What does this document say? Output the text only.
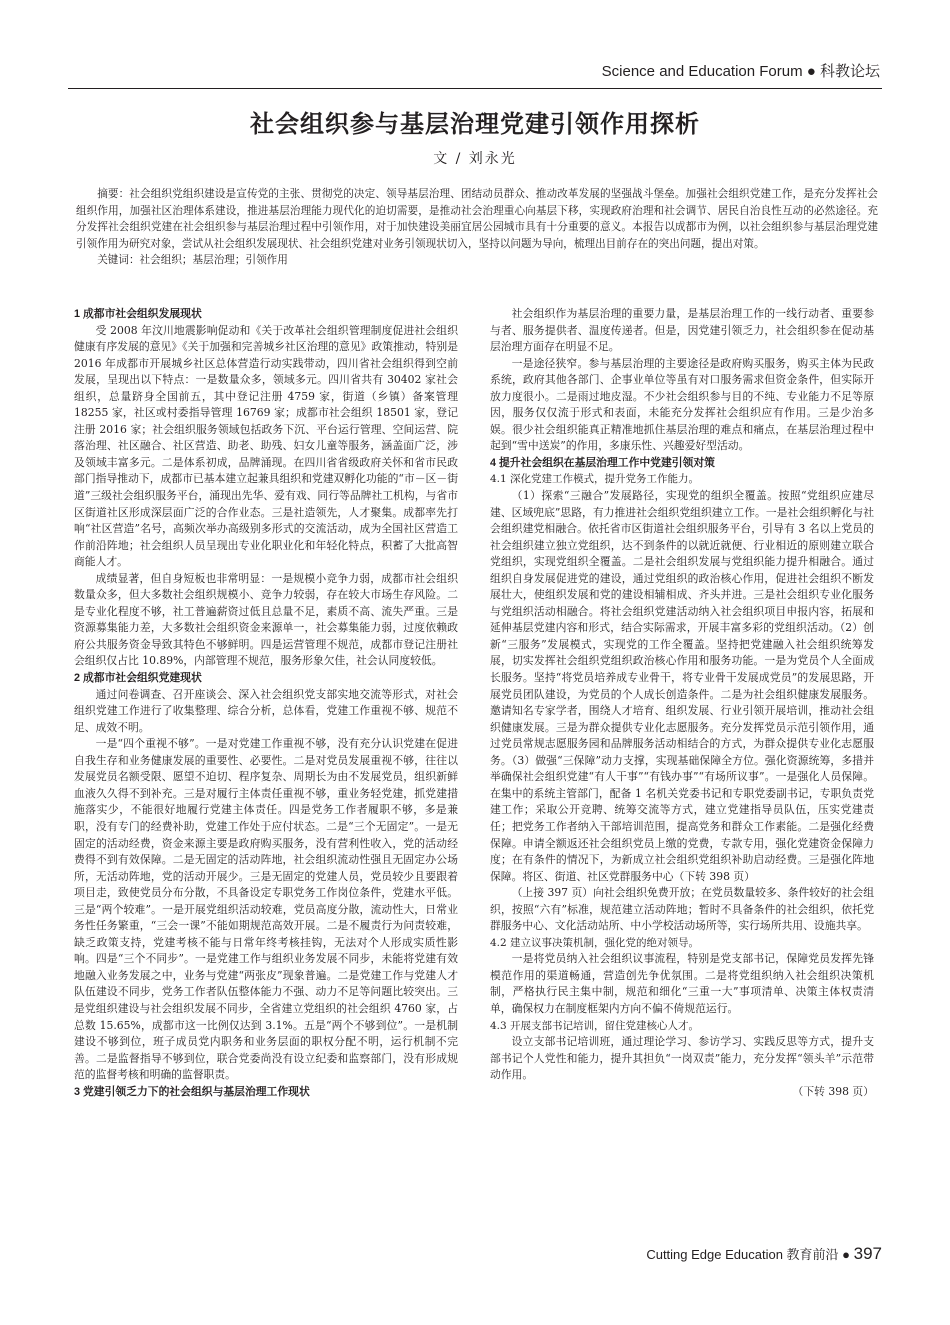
Science and Education Forum ● 科教论坛
社会组织参与基层治理党建引领作用探析
文 / 刘永光

摘要：社会组织党组织建设是宣传党的主张、贯彻党的决定、领导基层治理、团结动员群众、推动改革发展的坚强战斗堡垒。加强社会组织党建工作，是充分发挥社会组织作用，加强社区治理体系建设，推进基层治理能力现代化的迫切需要，是推动社会治理重心向基层下移，实现政府治理和社会调节、居民自治良性互动的必然途径。充分发挥社会组织党建在社会组织参与基层治理过程中引领作用，对于加快建设美丽宜居公园城市具有十分重要的意义。本报告以成都市为例，以社会组织参与基层治理党建引领作用为研究对象，尝试从社会组织发展现状、社会组织党建对业务引领现状切入，坚持以问题为导向，梳理出目前存在的突出问题，提出对策。

关键词：社会组织；基层治理；引领作用

1 成都市社会组织发展现状

受 2008 年汶川地震影响促动和《关于改革社会组织管理制度促进社会组织健康有序发展的意见》《关于加强和完善城乡社区治理的意见》政策推动，特别是 2016 年成都市开展城乡社区总体营造行动实践带动，四川省社会组织得到空前发展，呈现出以下特点：一是数量众多，领域多元。四川省共有 30402 家社会组织，总量跻身全国前五，其中登记注册 4759 家，街道（乡镇）备案管理 18255 家，社区或村委指导管理 16769 家；成都市社会组织 18501 家，登记注册 2016 家；社会组织服务领域包括政务下沉、平台运行管理、空间运营、院落治理、社区融合、社区营造、助老、助残、妇女儿童等服务，涵盖面广泛，涉及领域丰富多元。二是体系初成，品牌涌现。在四川省省级政府关怀和省市民政部门指导推动下，成都市已基本建立起兼具组织和党建双孵化功能的“市－区－街道”三级社会组织服务平台，涌现出先华、爱有戏、同行等品牌社工机构，与省市区街道社区形成深层面广泛的合作业态。三是社造领先，人才聚集。成都率先打响“社区营造”名号，高频次举办高级别多形式的交流活动，成为全国社区营造工作前沿阵地；社会组织人员呈现出专业化职业化和年轻化特点，积蓄了大批高智商能人才。

成绩显著，但自身短板也非常明显：一是规模小竞争力弱，成都市社会组织数量众多，但大多数社会组织规模小、竞争力较弱，存在较大市场生存风险。二是专业化程度不够，社工普遍薪资过低且总量不足，素质不高、流失严重。三是资源募集能力差，大多数社会组织资金来源单一，社会募集能力弱，过度依赖政府公共服务资金导致其特色不够鲜明。四是运营管理不规范，成都市登记注册社会组织仅占比 10.89%，内部管理不规范，服务形象欠佳，社会认同度较低。

2 成都市社会组织党建现状

通过问卷调查、召开座谈会、深入社会组织党支部实地交流等形式，对社会组织党建工作进行了收集整理、综合分析，总体看，党建工作重视不够、规范不足、成效不明。

一是“四个重视不够”。一是对党建工作重视不够，没有充分认识党建在促进自我生存和业务健康发展的重要性、必要性。二是对党员发展重视不够，往往以发展党员名额受限、愿望不迫切、程序复杂、周期长为由不发展党员，组织新鲜血液久久得不到补充。三是对履行主体责任重视不够，重业务轻党建，抓党建措施落实少，不能很好地履行党建主体责任。四是党务工作者履职不够，多是兼职，没有专门的经费补助，党建工作处于应付状态。二是“三个无固定”。一是无固定的活动经费，资金来源主要是政府购买服务，没有营利性收入，党的活动经费得不到有效保障。二是无固定的活动阵地，社会组织流动性强且无固定办公场所，无活动阵地，党的活动开展少。三是无固定的党建人员，党员较少且要跟着项目走，致使党员分布分散，不具备设定专职党务工作岗位条件，党建水平低。三是“两个较难”。一是开展党组织活动较难，党员高度分散，流动性大，日常业务性任务繁重，“三会一课”不能如期规范高效开展。二是不履责行为问责较难，缺乏政策支持，党建考核不能与日常年终考核挂钩，无法对个人形成实质性影响。四是“三个不同步”。一是党建工作与组织业务发展不同步，未能将党建有效地融入业务发展之中，业务与党建“两张皮”现象普遍。二是党建工作与党建人才队伍建设不同步，党务工作者队伍整体能力不强、动力不足等问题比较突出。三是党组织建设与社会组织发展不同步，全省建立党组织的社会组织 4760 家，占总数 15.65%，成都市这一比例仅达到 3.1%。五是“两个不够到位”。一是机制建设不够到位，班子成员党内职务和业务层面的职权分配不明，运行机制不完善。二是监督指导不够到位，联合党委尚没有设立纪委和监察部门，没有形成规范的监督考核和明确的监督职责。

3 党建引领乏力下的社会组织与基层治理工作现状

社会组织作为基层治理的重要力量，是基层治理工作的一线行动者、重要参与者、服务提供者、温度传递者。但是，因党建引领乏力，社会组织参在促动基层治理方面存在明显不足。

一是途径狭窄。参与基层治理的主要途径是政府购买服务，购买主体为民政系统，政府其他各部门、企事业单位等虽有对口服务需求但资金条件，但实际开放力度很小。二是雨过地皮湿。不少社会组织参与目的不纯、专业能力不足等原因，服务仅仅流于形式和表面，未能充分发挥社会组织应有作用。三是少治多娱。很少社会组织能真正精准地抓住基层治理的难点和痛点，在基层治理过程中起到“雪中送炭”的作用，多康乐性、兴趣爱好型活动。

4 提升社会组织在基层治理工作中党建引领对策

4.1 深化党建工作模式，提升党务工作能力。

（1）探索“三融合”发展路径，实现党的组织全覆盖。按照“党组织应建尽建、区域兜底”思路，有力推进社会组织党组织建立工作。一是社会组织孵化与社会组织建党相融合。依托省市区街道社会组织服务平台，引导有 3 名以上党员的社会组织建立独立党组织，达不到条件的以就近就便、行业相近的原则建立联合党组织，实现党组织全覆盖。二是社会组织发展与党组织能力提升相融合。通过组织自身发展促进党的建设，通过党组织的政治核心作用，促进社会组织不断发展壮大，使组织发展和党的建设相辅相成、齐头并进。三是社会组织专业化服务与党组织活动相融合。将社会组织党建活动纳入社会组织项目申报内容，拓展和延伸基层党建内容和形式，结合实际需求，开展丰富多彩的党组织活动。（2）创新“三服务”发展模式，实现党的工作全覆盖。坚持把党建融入社会组织统筹发展，切实发挥社会组织党组织政治核心作用和服务功能。一是为党员个人全面成长服务。坚持“将党员培养成专业骨干，将专业骨干发展成党员”的发展思路，开展党员团队建设，为党员的个人成长创造条件。二是为社会组织健康发展服务。邀请知名专家学者，围绕人才培育、组织发展、行业引领开展培训，推动社会组织健康发展。三是为群众提供专业化志愿服务。充分发挥党员示范引领作用，通过党员常规志愿服务园和品牌服务活动相结合的方式，为群众提供专业化志愿服务。（3）做强“三保障”动力支撑，实现基础保障全方位。强化资源统筹，多措并举确保社会组织党建“有人干事”“有钱办事”“有场所议事”。一是强化人员保障。在集中的系统主管部门，配备 1 名机关党委书记和专职党委副书记，专职负责党建工作；采取公开竞聘、统筹交流等方式，建立党建指导员队伍，压实党建责任；把党务工作者纳入干部培训范围，提高党务和群众工作素能。二是强化经费保障。申请全额返还社会组织党员上缴的党费，专款专用，强化党建资金保障力度；在有条件的情况下，为新成立社会组织党组织补助启动经费。三是强化阵地保障。将区、街道、社区党群服务中心（下转 398 页）

（上接 397 页）向社会组织免费开放；在党员数量较多、条件较好的社会组织，按照“六有”标准，规范建立活动阵地；暂时不具备条件的社会组织，依托党群服务中心、文化活动站所、中小学校活动场所等，实行场所共用、设施共享。

4.2 建立议事决策机制，强化党的绝对领导。

一是将党员纳入社会组织议事流程，特别是党支部书记，保障党员发挥先锋模范作用的渠道畅通，营造创先争优氛围。二是将党组织纳入社会组织决策机制，严格执行民主集中制，规范和细化“三重一大”事项清单、决策主体权责清单，确保权力在制度框架内方向不偏不倚规范运行。

4.3 开展支部书记培训，留住党建核心人才。

设立支部书记培训班，通过理论学习、参访学习、实践反思等方式，提升支部书记个人党性和能力，提升其担负“一岗双责”能力，充分发挥“领头羊”示范带动作用。

（下转 398 页）

Cutting Edge Education 教育前沿 ● 397
